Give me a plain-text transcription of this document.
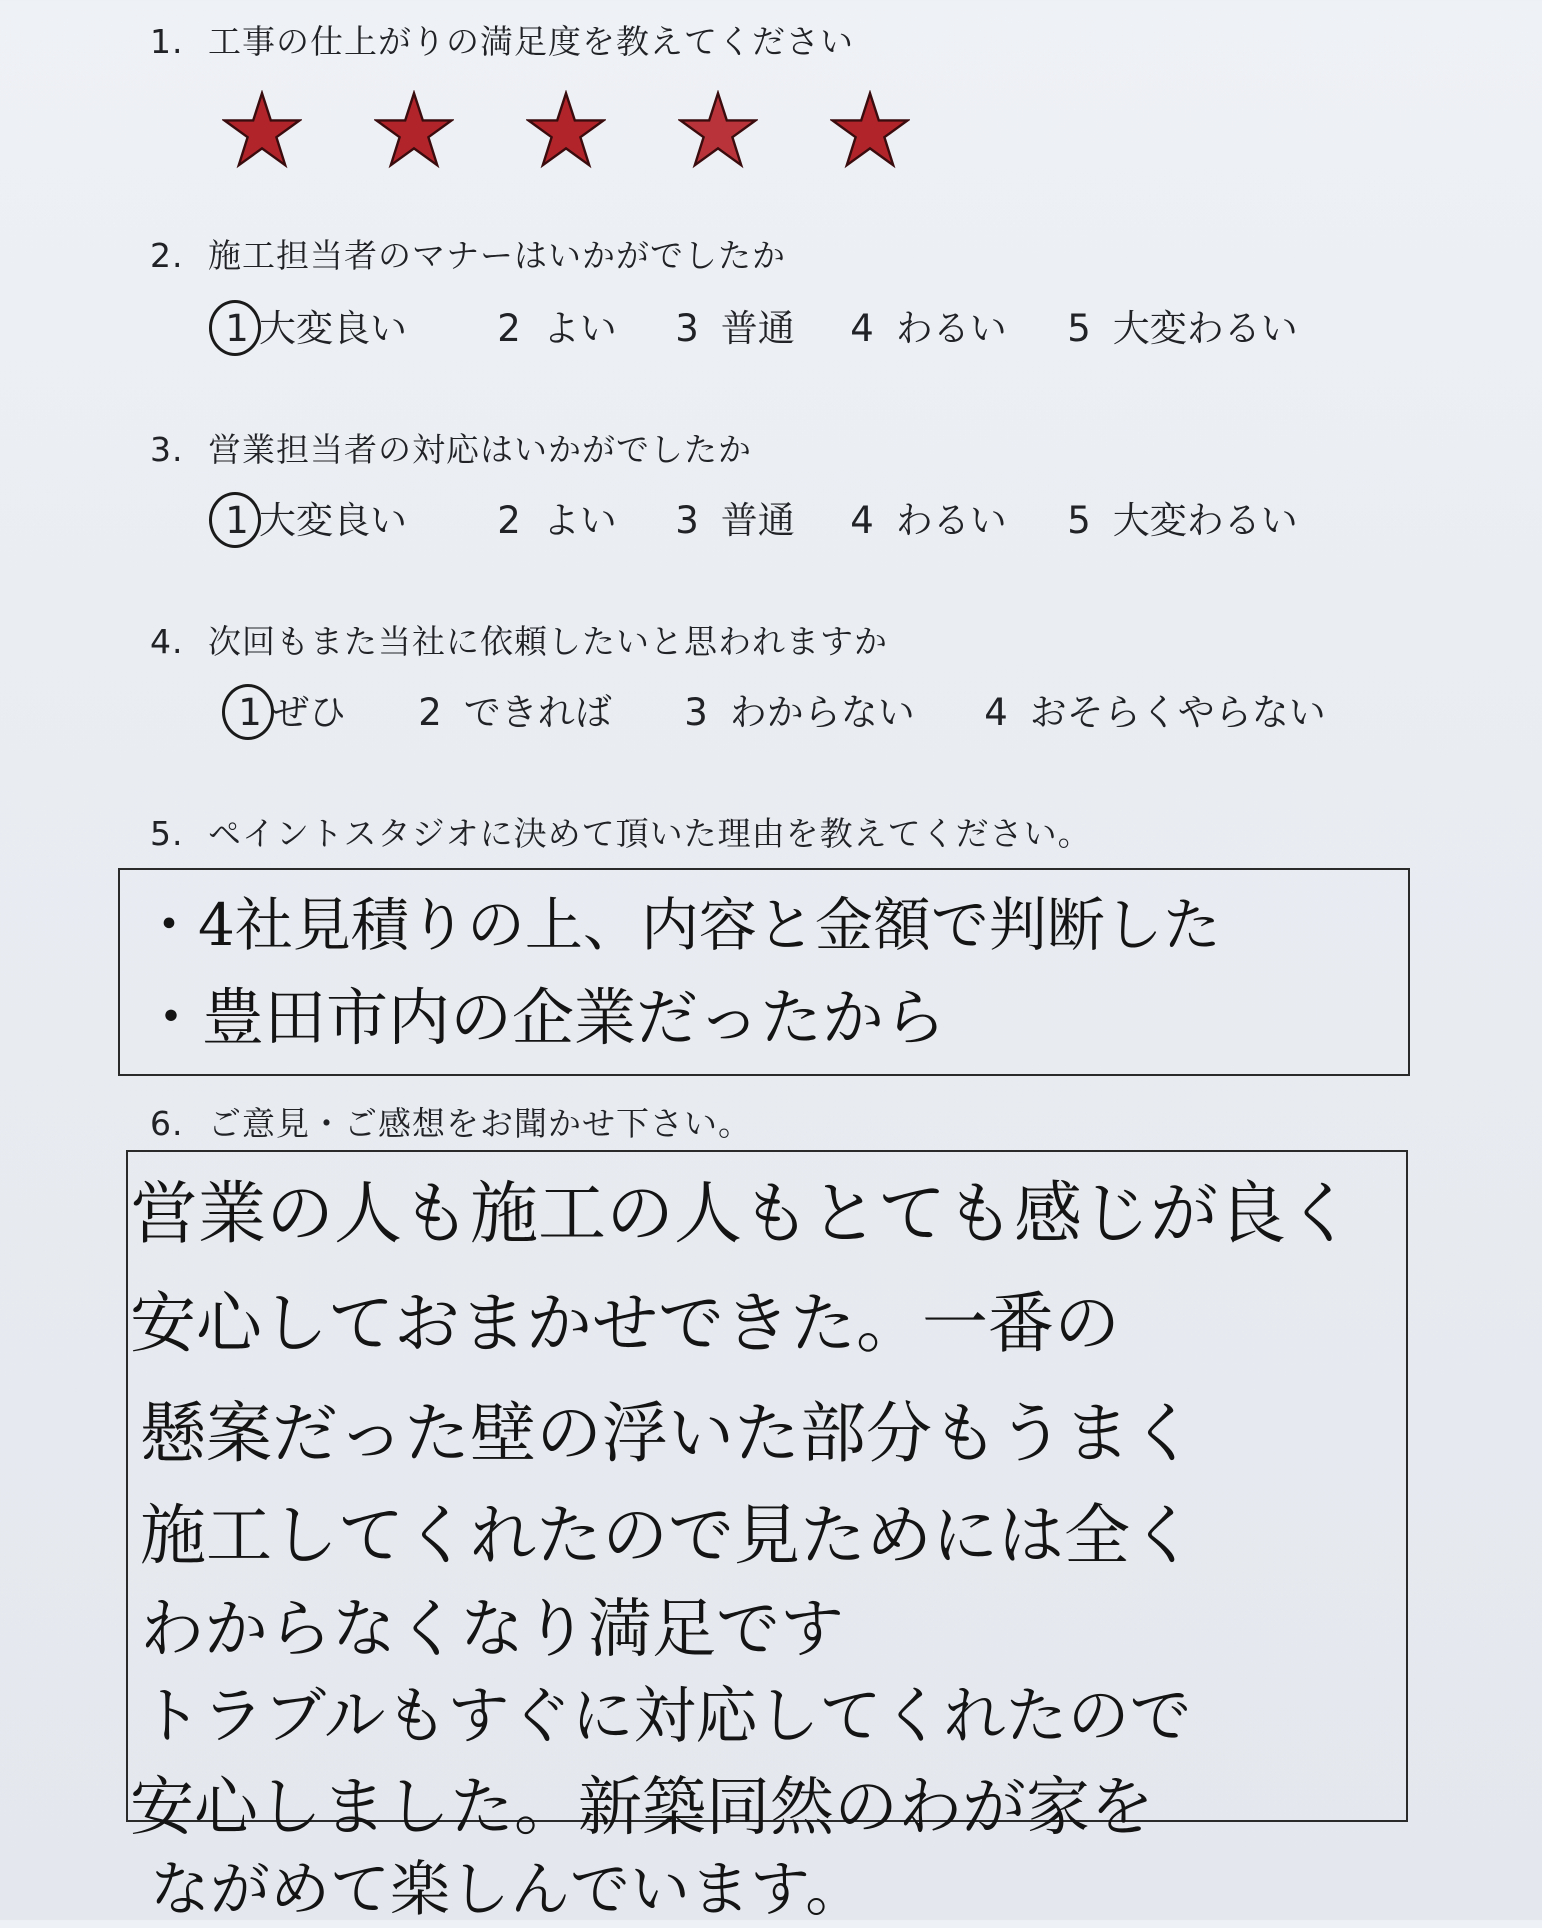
1. 工事の仕上がりの満足度を教えてください
2. 施工担当者のマナーはいかがでしたか
1 大変良い 2 よい 3 普通 4 わるい 5 大変わるい
3. 営業担当者の対応はいかがでしたか
1 大変良い 2 よい 3 普通 4 わるい 5 大変わるい
4. 次回もまた当社に依頼したいと思われますか
1 ぜひ 2 できれば 3 わからない 4 おそらくやらない
5. ペイントスタジオに決めて頂いた理由を教えてください。
・4社見積りの上、内容と金額で判断した
・豊田市内の企業だったから
6. ご意見・ご感想をお聞かせ下さい。
営業の人も施工の人もとても感じが良く
安心しておまかせできた。一番の
懸案だった壁の浮いた部分もうまく
施工してくれたので見ためには全く
わからなくなり満足です
トラブルもすぐに対応してくれたので
安心しました。新築同然のわが家を
ながめて楽しんでいます。
